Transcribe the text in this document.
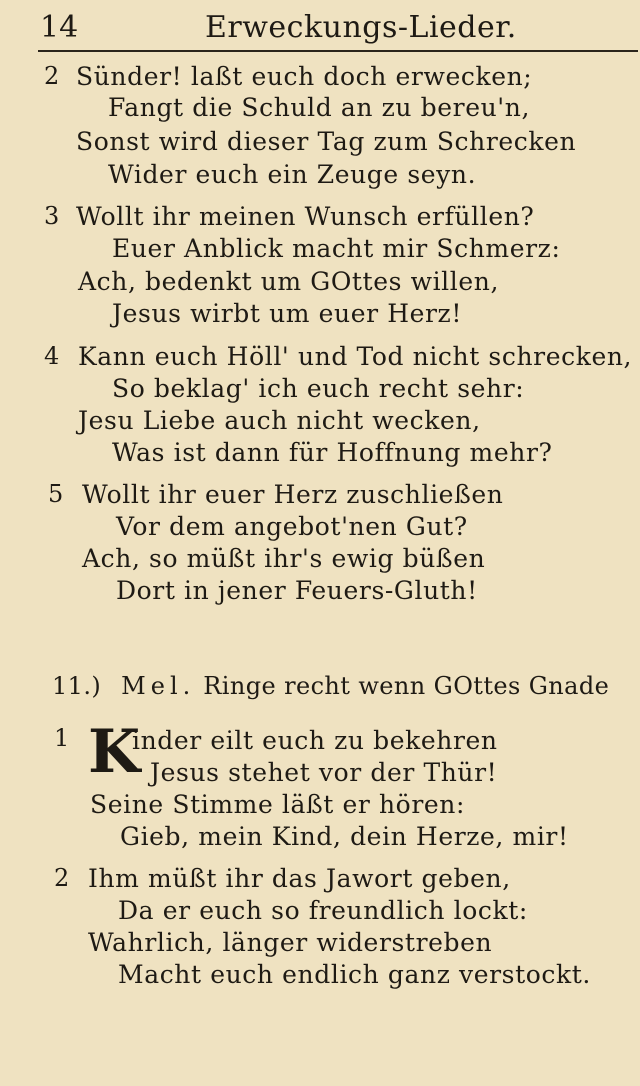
14	Erweckungs-Lieder.
2 Sünder! laßt euch doch erwecken;
Fangt die Schuld an zu bereu'n,
Sonst wird dieser Tag zum Schrecken
Wider euch ein Zeuge seyn.
3 Wollt ihr meinen Wunsch erfüllen?
Euer Anblick macht mir Schmerz:
Ach, bedenkt um GOttes willen,
Jesus wirbt um euer Herz!
4 Kann euch Höll' und Tod nicht schrecken,
So beklag' ich euch recht sehr:
Jesu Liebe auch nicht wecken,
Was ist dann für Hoffnung mehr?
5 Wollt ihr euer Herz zuschließen
Vor dem angebot'nen Gut?
Ach, so müßt ihr's ewig büßen
Dort in jener Feuers-Gluth!
11.) Mel. Ringe recht wenn GOttes Gnade
1 K
inder eilt euch zu bekehren
Jesus stehet vor der Thür!
Seine Stimme läßt er hören:
Gieb, mein Kind, dein Herze, mir!
2 Ihm müßt ihr das Jawort geben,
Da er euch so freundlich lockt:
Wahrlich, länger widerstreben
Macht euch endlich ganz verstockt.
